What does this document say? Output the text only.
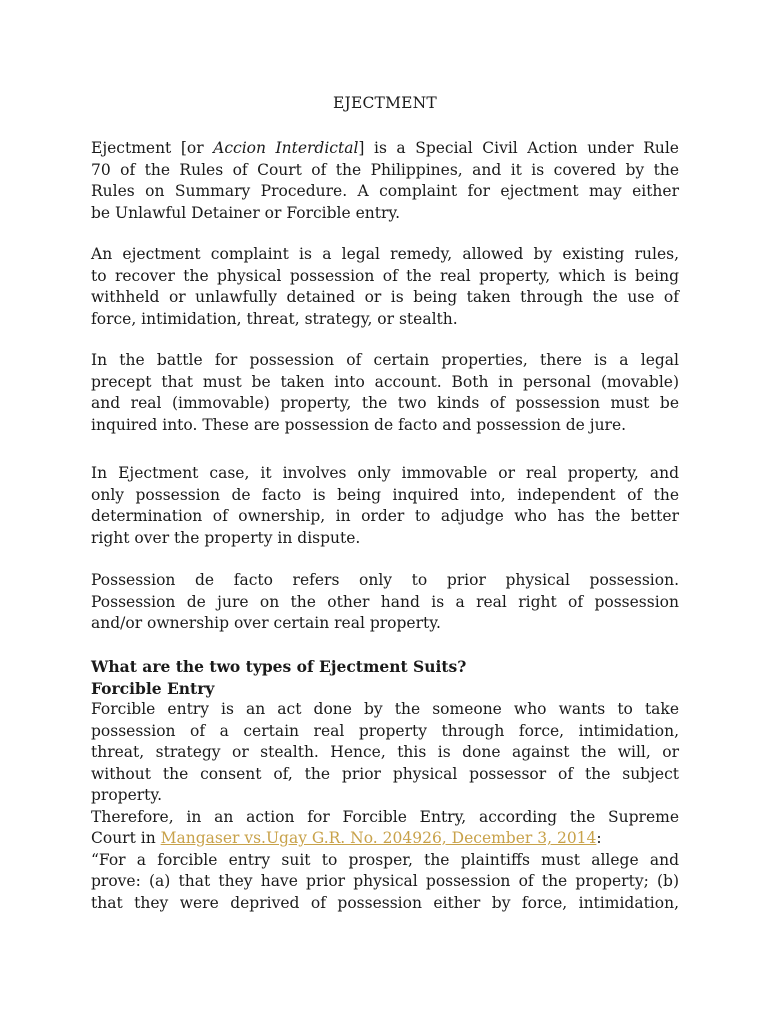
EJECTMENT
Ejectment [or Accion Interdictal] is a Special Civil Action under Rule
70 of the Rules of Court of the Philippines, and it is covered by the
Rules on Summary Procedure. A complaint for ejectment may either
be Unlawful Detainer or Forcible entry.
An ejectment complaint is a legal remedy, allowed by existing rules,
to recover the physical possession of the real property, which is being
withheld or unlawfully detained or is being taken through the use of
force, intimidation, threat, strategy, or stealth.
In the battle for possession of certain properties, there is a legal
precept that must be taken into account. Both in personal (movable)
and real (immovable) property, the two kinds of possession must be
inquired into. These are possession de facto and possession de jure.
In Ejectment case, it involves only immovable or real property, and
only possession de facto is being inquired into, independent of the
determination of ownership, in order to adjudge who has the better
right over the property in dispute.
Possession de facto refers only to prior physical possession.
Possession de jure on the other hand is a real right of possession
and/or ownership over certain real property.
What are the two types of Ejectment Suits?
Forcible Entry
Forcible entry is an act done by the someone who wants to take
possession of a certain real property through force, intimidation,
threat, strategy or stealth. Hence, this is done against the will, or
without the consent of, the prior physical possessor of the subject
property.
Therefore, in an action for Forcible Entry, according the Supreme
Court in Mangaser vs.Ugay G.R. No. 204926, December 3, 2014:
“For a forcible entry suit to prosper, the plaintiffs must allege and
prove: (a) that they have prior physical possession of the property; (b)
that they were deprived of possession either by force, intimidation,
